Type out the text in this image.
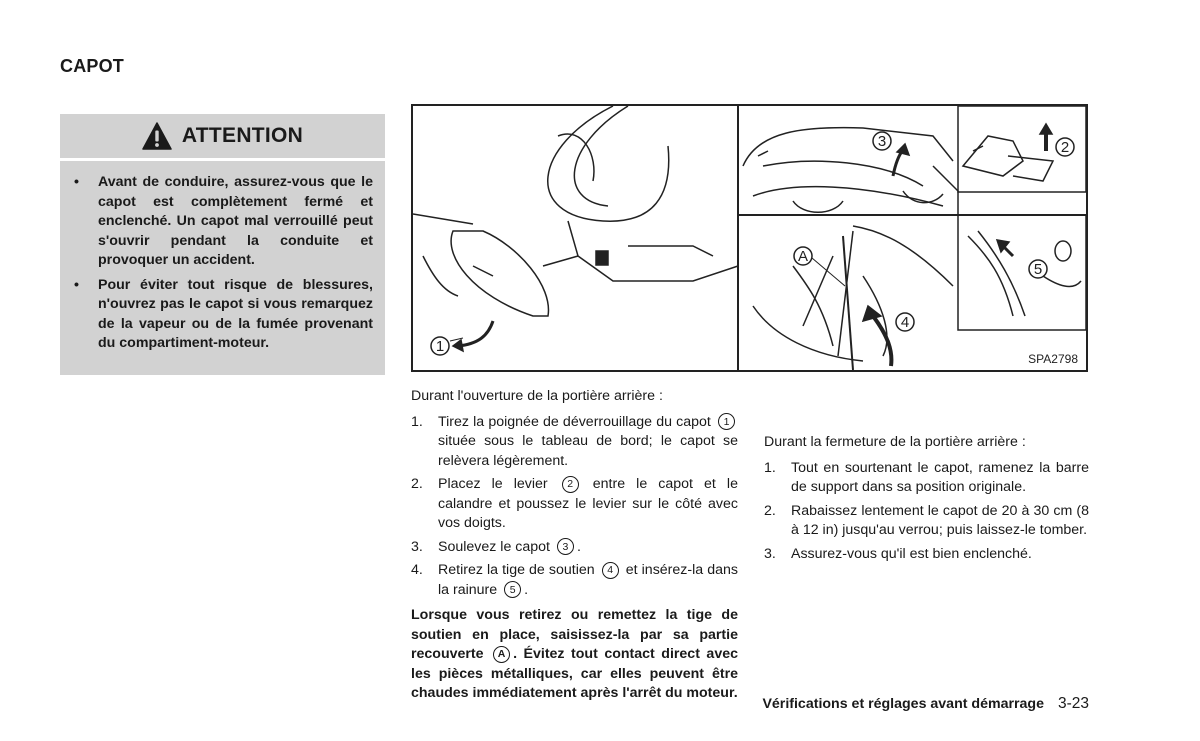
CAPOT
ATTENTION
• Avant de conduire, assurez-vous que le capot est complètement fermé et enclenché. Un capot mal verrouillé peut s'ouvrir pendant la conduite et provoquer un accident.
• Pour éviter tout risque de blessures, n'ouvrez pas le capot si vous remarquez de la vapeur ou de la fumée provenant du compartiment-moteur.	1
2
3
4
5
A
SPA2798

Durant l'ouverture de la portière arrière :

1. Tirez la poignée de déverrouillage du capot 1 située sous le tableau de bord; le capot se relèvera légèrement.
2. Placez le levier 2 entre le capot et le calandre et poussez le levier sur le côté avec vos doigts.
3. Soulevez le capot 3 .
4. Retirez la tige de soutien 4 et insérez-la dans la rainure 5 .

Lorsque vous retirez ou remettez la tige de soutien en place, saisissez-la par sa partie recouverte A . Évitez tout contact direct avec les pièces métalliques, car elles peuvent être chaudes immédiatement après l'arrêt du moteur.

Durant la fermeture de la portière arrière :

1. Tout en sourtenant le capot, ramenez la barre de support dans sa position originale.
2. Rabaissez lentement le capot de 20 à 30 cm (8 à 12 in) jusqu'au verrou; puis laissez-le tomber.
3. Assurez-vous qu'il est bien enclenché.
Vérifications et réglages avant démarrage 3-23
